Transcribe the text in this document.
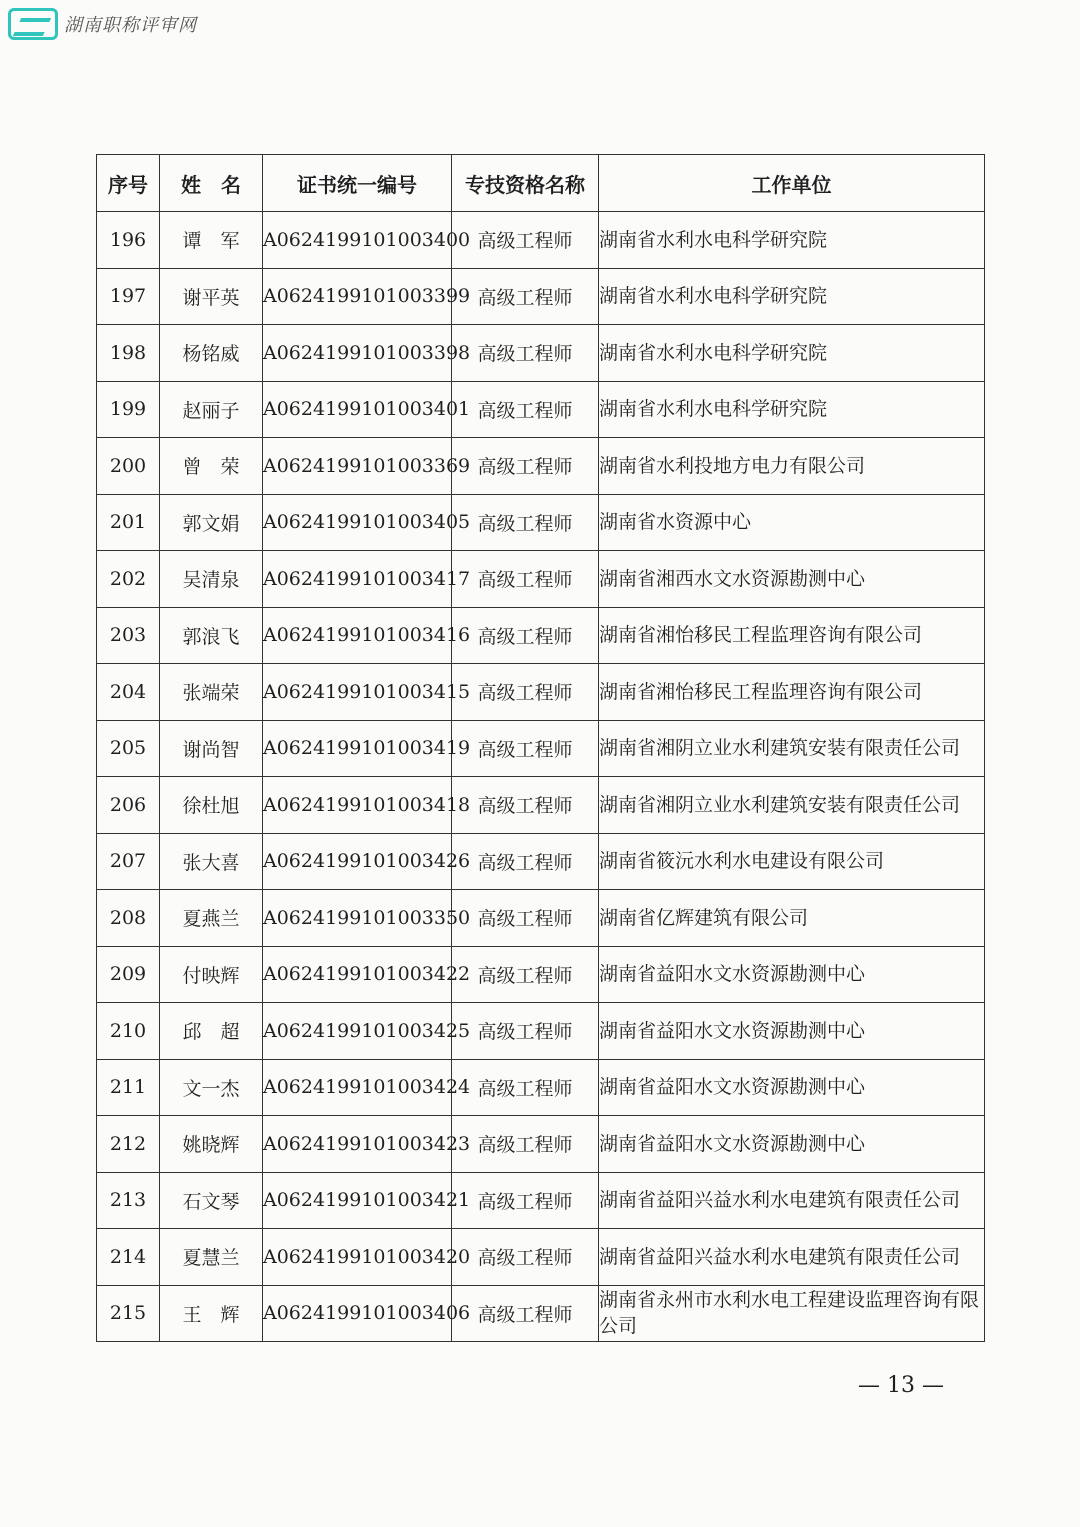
湖南职称评审网
序号	姓　名	证书统一编号	专技资格名称	工作单位
196	谭　军	A0624199101003400	高级工程师	湖南省水利水电科学研究院
197	谢平英	A0624199101003399	高级工程师	湖南省水利水电科学研究院
198	杨铭威	A0624199101003398	高级工程师	湖南省水利水电科学研究院
199	赵丽子	A0624199101003401	高级工程师	湖南省水利水电科学研究院
200	曾　荣	A0624199101003369	高级工程师	湖南省水利投地方电力有限公司
201	郭文娟	A0624199101003405	高级工程师	湖南省水资源中心
202	吴清泉	A0624199101003417	高级工程师	湖南省湘西水文水资源勘测中心
203	郭浪飞	A0624199101003416	高级工程师	湖南省湘怡移民工程监理咨询有限公司
204	张端荣	A0624199101003415	高级工程师	湖南省湘怡移民工程监理咨询有限公司
205	谢尚智	A0624199101003419	高级工程师	湖南省湘阴立业水利建筑安装有限责任公司
206	徐杜旭	A0624199101003418	高级工程师	湖南省湘阴立业水利建筑安装有限责任公司
207	张大喜	A0624199101003426	高级工程师	湖南省筱沅水利水电建设有限公司
208	夏燕兰	A0624199101003350	高级工程师	湖南省亿辉建筑有限公司
209	付映辉	A0624199101003422	高级工程师	湖南省益阳水文水资源勘测中心
210	邱　超	A0624199101003425	高级工程师	湖南省益阳水文水资源勘测中心
211	文一杰	A0624199101003424	高级工程师	湖南省益阳水文水资源勘测中心
212	姚晓辉	A0624199101003423	高级工程师	湖南省益阳水文水资源勘测中心
213	石文琴	A0624199101003421	高级工程师	湖南省益阳兴益水利水电建筑有限责任公司
214	夏慧兰	A0624199101003420	高级工程师	湖南省益阳兴益水利水电建筑有限责任公司
215	王　辉	A0624199101003406	高级工程师	湖南省永州市水利水电工程建设监理咨询有限公司
— 13 —
